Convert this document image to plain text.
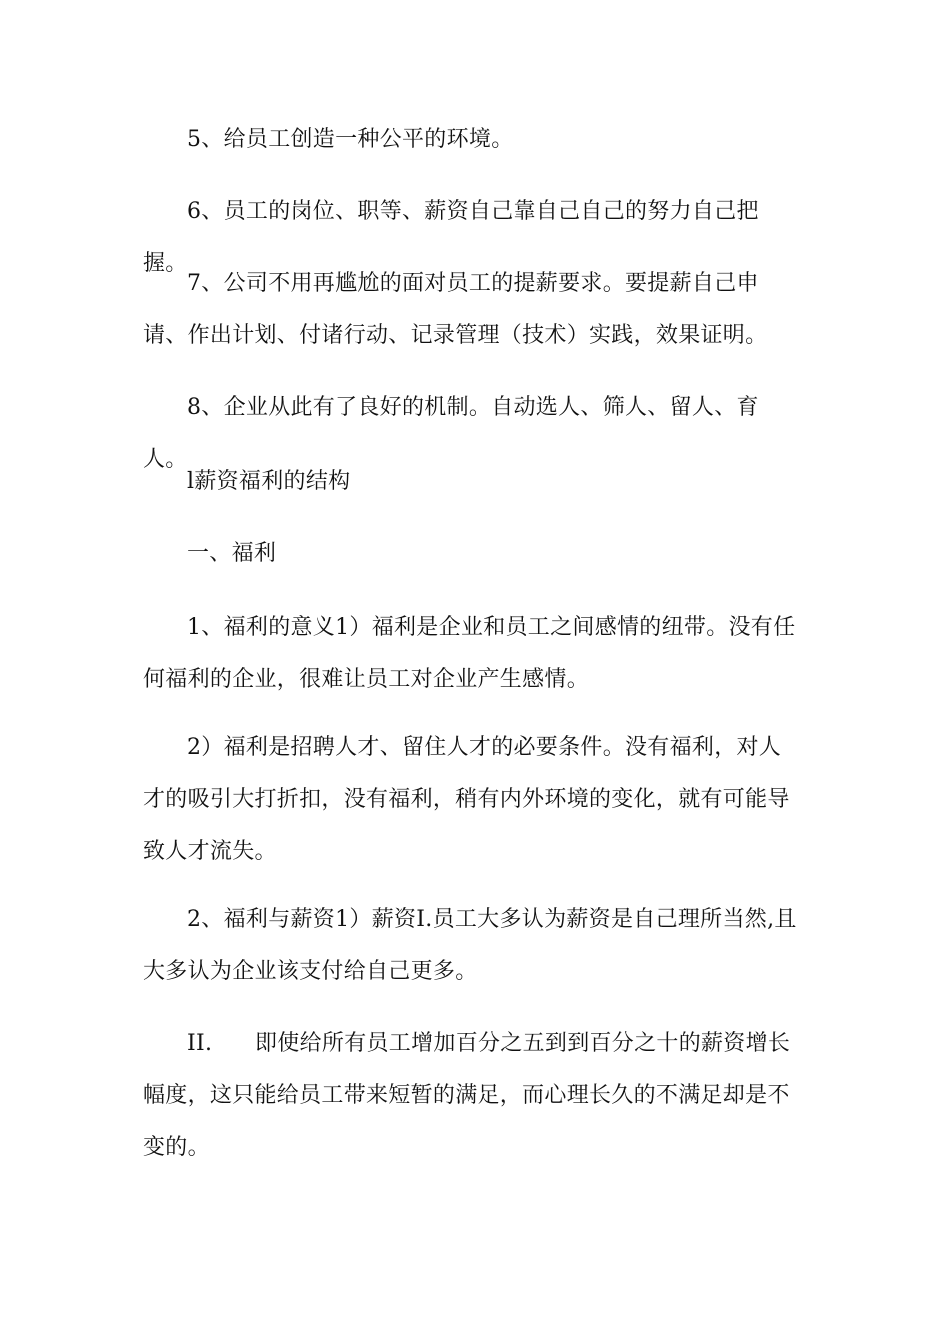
5、给员工创造一种公平的环境。

6、员工的岗位、职等、薪资自己靠自己自己的努力自己把握。

7、公司不用再尴尬的面对员工的提薪要求。要提薪自己申请、作出计划、付诸行动、记录管理（技术）实践，效果证明。

8、企业从此有了良好的机制。自动选人、筛人、留人、育人。

l薪资福利的结构

一、福利

1、福利的意义1）福利是企业和员工之间感情的纽带。没有任何福利的企业，很难让员工对企业产生感情。

2）福利是招聘人才、留住人才的必要条件。没有福利，对人才的吸引大打折扣，没有福利，稍有内外环境的变化，就有可能导致人才流失。

2、福利与薪资1）薪资I.员工大多认为薪资是自己理所当然,且大多认为企业该支付给自己更多。

II. 即使给所有员工增加百分之五到到百分之十的薪资增长幅度，这只能给员工带来短暂的满足，而心理长久的不满足却是不变的。
